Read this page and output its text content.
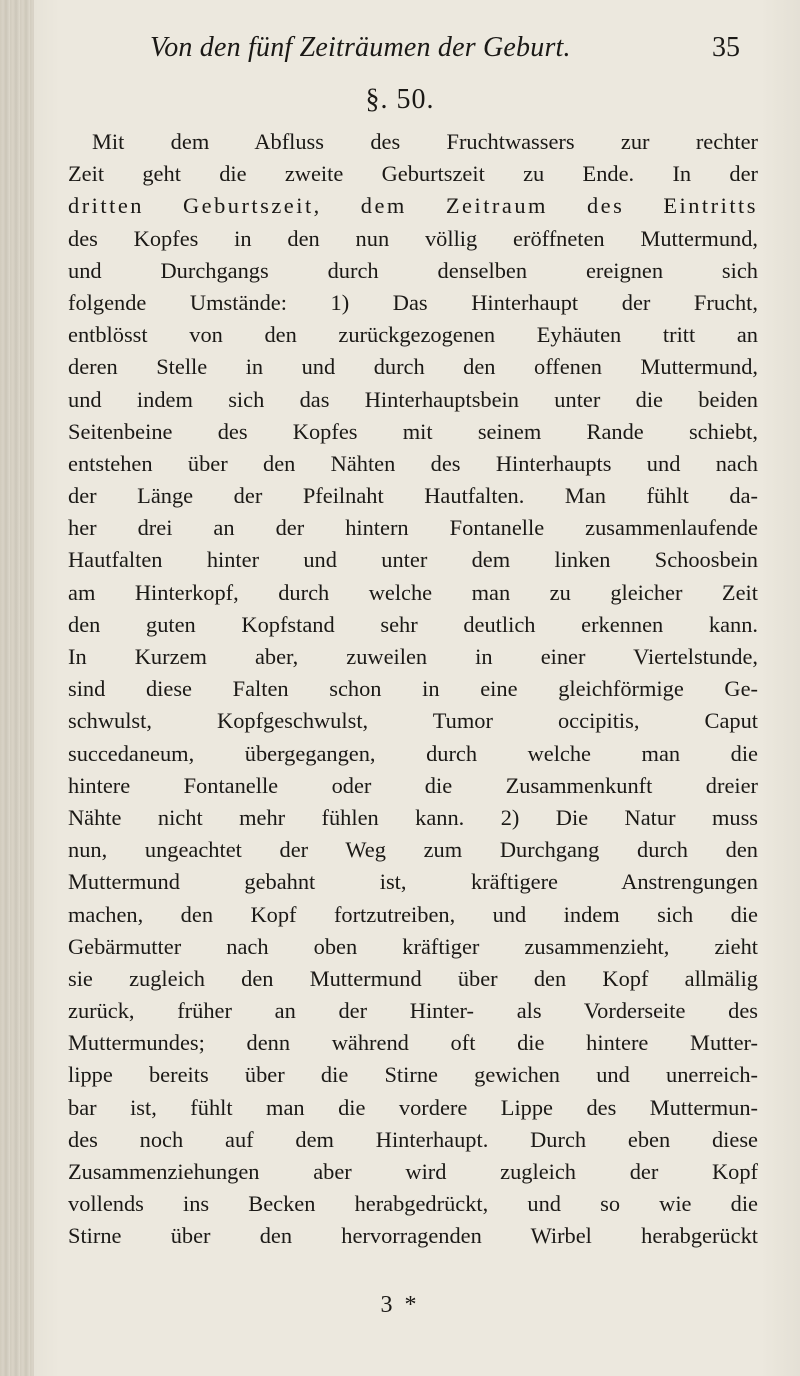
Von den fünf Zeiträumen der Geburt.	35
§. 50.
Mit dem Abfluss des Fruchtwassers zur rechter
Zeit geht die zweite Geburtszeit zu Ende. In der
dritten Geburtszeit, dem Zeitraum des Eintritts
des Kopfes in den nun völlig eröffneten Muttermund,
und Durchgangs durch denselben ereignen sich
folgende Umstände: 1) Das Hinterhaupt der Frucht,
entblösst von den zurückgezogenen Eyhäuten tritt an
deren Stelle in und durch den offenen Muttermund,
und indem sich das Hinterhauptsbein unter die beiden
Seitenbeine des Kopfes mit seinem Rande schiebt,
entstehen über den Nähten des Hinterhaupts und nach
der Länge der Pfeilnaht Hautfalten. Man fühlt da-
her drei an der hintern Fontanelle zusammenlaufende
Hautfalten hinter und unter dem linken Schoosbein
am Hinterkopf, durch welche man zu gleicher Zeit
den guten Kopfstand sehr deutlich erkennen kann.
In Kurzem aber, zuweilen in einer Viertelstunde,
sind diese Falten schon in eine gleichförmige Ge-
schwulst, Kopfgeschwulst, Tumor occipitis, Caput
succedaneum, übergegangen, durch welche man die
hintere Fontanelle oder die Zusammenkunft dreier
Nähte nicht mehr fühlen kann. 2) Die Natur muss
nun, ungeachtet der Weg zum Durchgang durch den
Muttermund gebahnt ist, kräftigere Anstrengungen
machen, den Kopf fortzutreiben, und indem sich die
Gebärmutter nach oben kräftiger zusammenzieht, zieht
sie zugleich den Muttermund über den Kopf allmälig
zurück, früher an der Hinter- als Vorderseite des
Muttermundes; denn während oft die hintere Mutter-
lippe bereits über die Stirne gewichen und unerreich-
bar ist, fühlt man die vordere Lippe des Muttermun-
des noch auf dem Hinterhaupt. Durch eben diese
Zusammenziehungen aber wird zugleich der Kopf
vollends ins Becken herabgedrückt, und so wie die
Stirne über den hervorragenden Wirbel herabgerückt
3 *
